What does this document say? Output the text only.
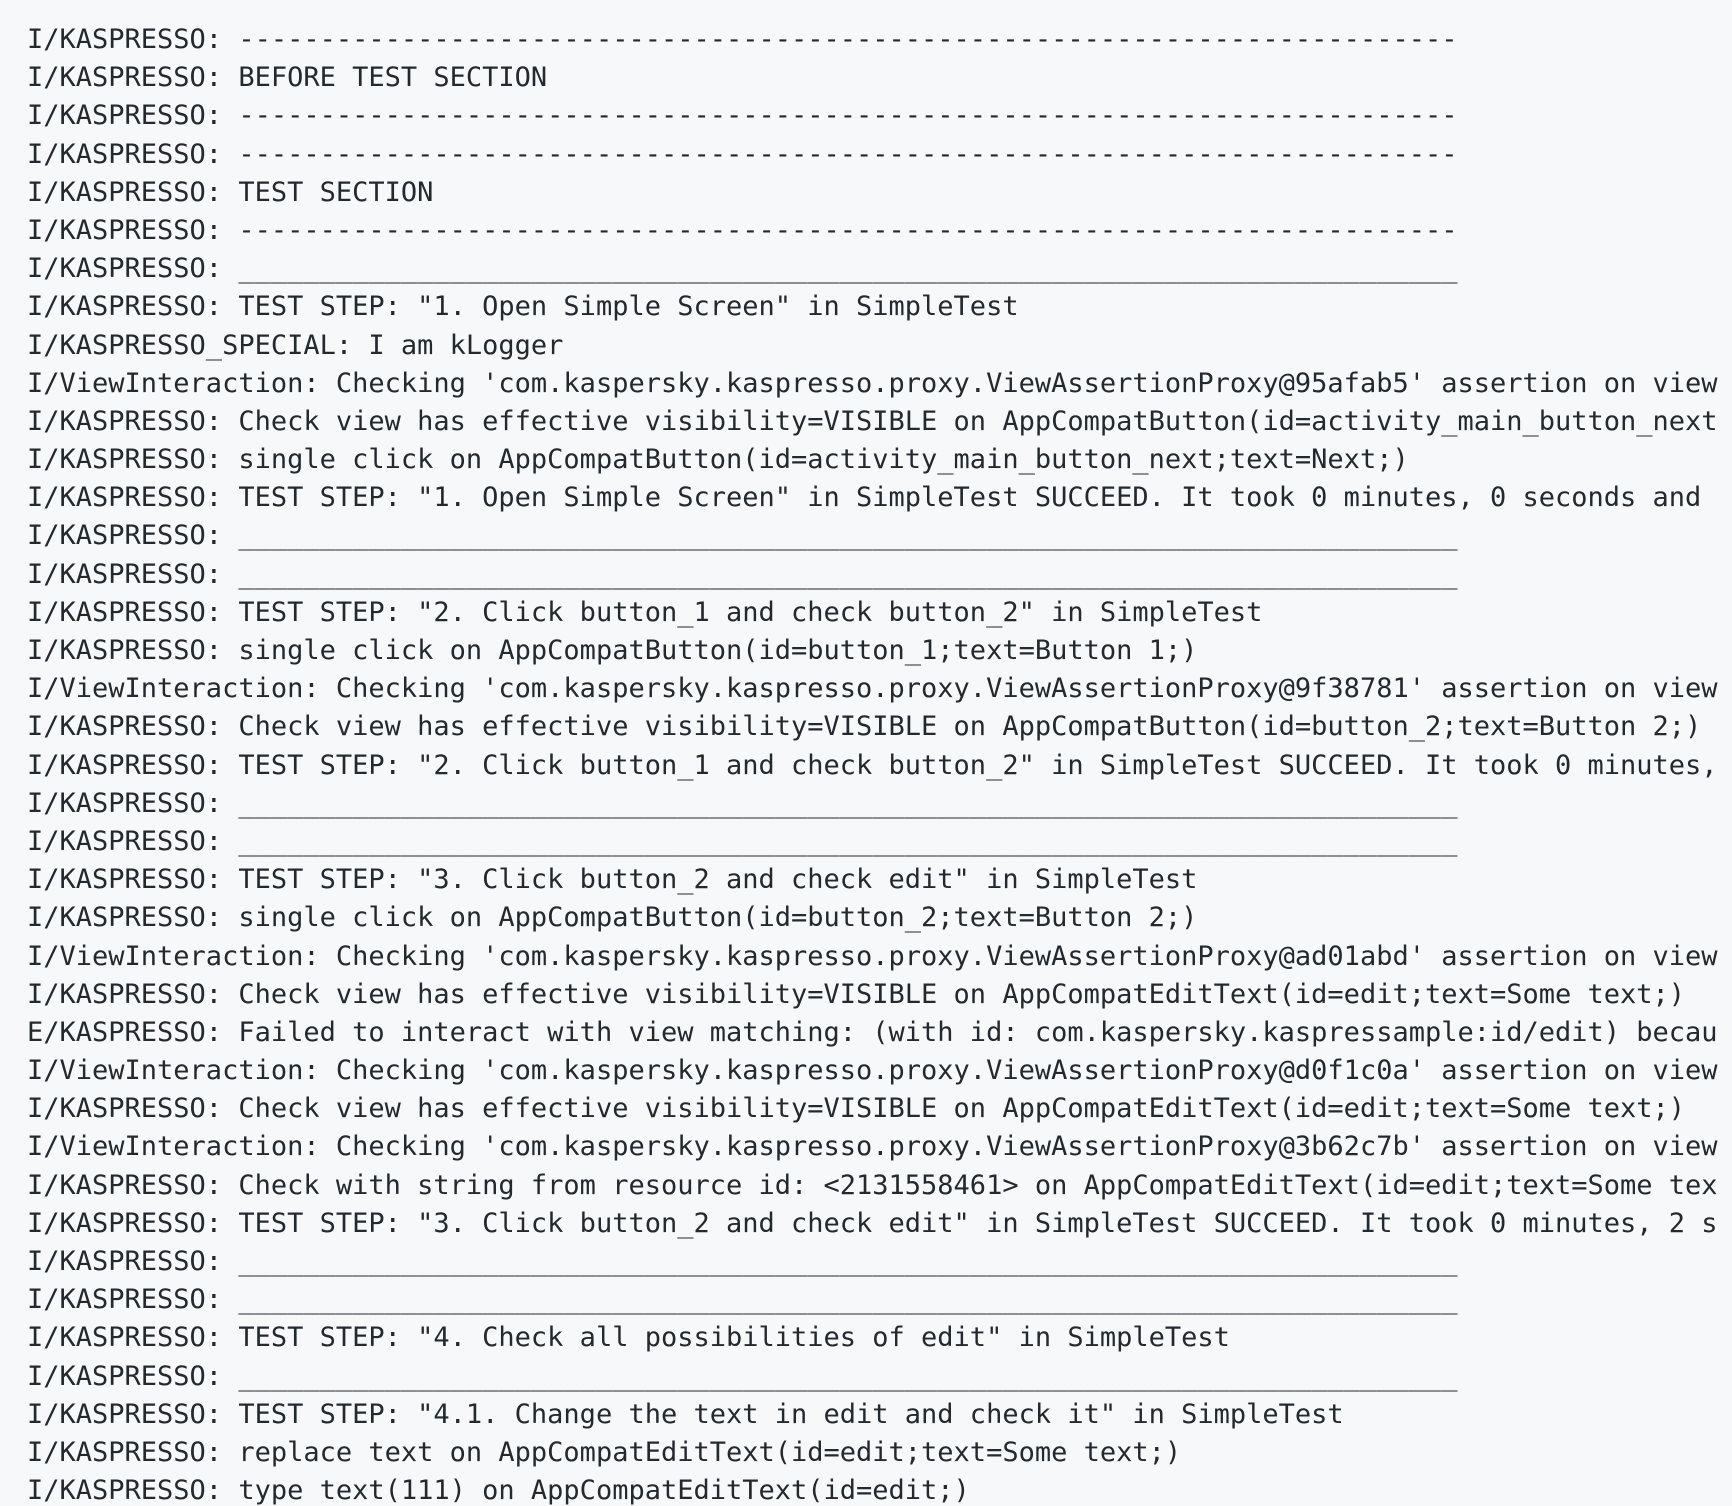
I/KASPRESSO: ---------------------------------------------------------------------------
I/KASPRESSO: BEFORE TEST SECTION
I/KASPRESSO: ---------------------------------------------------------------------------
I/KASPRESSO: ---------------------------------------------------------------------------
I/KASPRESSO: TEST SECTION
I/KASPRESSO: ---------------------------------------------------------------------------
I/KASPRESSO: ___________________________________________________________________________
I/KASPRESSO: TEST STEP: "1. Open Simple Screen" in SimpleTest
I/KASPRESSO_SPECIAL: I am kLogger
I/ViewInteraction: Checking 'com.kaspersky.kaspresso.proxy.ViewAssertionProxy@95afab5' assertion on view
I/KASPRESSO: Check view has effective visibility=VISIBLE on AppCompatButton(id=activity_main_button_next
I/KASPRESSO: single click on AppCompatButton(id=activity_main_button_next;text=Next;)
I/KASPRESSO: TEST STEP: "1. Open Simple Screen" in SimpleTest SUCCEED. It took 0 minutes, 0 seconds and
I/KASPRESSO: ___________________________________________________________________________
I/KASPRESSO: ___________________________________________________________________________
I/KASPRESSO: TEST STEP: "2. Click button_1 and check button_2" in SimpleTest
I/KASPRESSO: single click on AppCompatButton(id=button_1;text=Button 1;)
I/ViewInteraction: Checking 'com.kaspersky.kaspresso.proxy.ViewAssertionProxy@9f38781' assertion on view
I/KASPRESSO: Check view has effective visibility=VISIBLE on AppCompatButton(id=button_2;text=Button 2;)
I/KASPRESSO: TEST STEP: "2. Click button_1 and check button_2" in SimpleTest SUCCEED. It took 0 minutes,
I/KASPRESSO: ___________________________________________________________________________
I/KASPRESSO: ___________________________________________________________________________
I/KASPRESSO: TEST STEP: "3. Click button_2 and check edit" in SimpleTest
I/KASPRESSO: single click on AppCompatButton(id=button_2;text=Button 2;)
I/ViewInteraction: Checking 'com.kaspersky.kaspresso.proxy.ViewAssertionProxy@ad01abd' assertion on view
I/KASPRESSO: Check view has effective visibility=VISIBLE on AppCompatEditText(id=edit;text=Some text;)
E/KASPRESSO: Failed to interact with view matching: (with id: com.kaspersky.kaspressample:id/edit) becau
I/ViewInteraction: Checking 'com.kaspersky.kaspresso.proxy.ViewAssertionProxy@d0f1c0a' assertion on view
I/KASPRESSO: Check view has effective visibility=VISIBLE on AppCompatEditText(id=edit;text=Some text;)
I/ViewInteraction: Checking 'com.kaspersky.kaspresso.proxy.ViewAssertionProxy@3b62c7b' assertion on view
I/KASPRESSO: Check with string from resource id: <2131558461> on AppCompatEditText(id=edit;text=Some tex
I/KASPRESSO: TEST STEP: "3. Click button_2 and check edit" in SimpleTest SUCCEED. It took 0 minutes, 2 s
I/KASPRESSO: ___________________________________________________________________________
I/KASPRESSO: ___________________________________________________________________________
I/KASPRESSO: TEST STEP: "4. Check all possibilities of edit" in SimpleTest
I/KASPRESSO: ___________________________________________________________________________
I/KASPRESSO: TEST STEP: "4.1. Change the text in edit and check it" in SimpleTest
I/KASPRESSO: replace text on AppCompatEditText(id=edit;text=Some text;)
I/KASPRESSO: type text(111) on AppCompatEditText(id=edit;)
